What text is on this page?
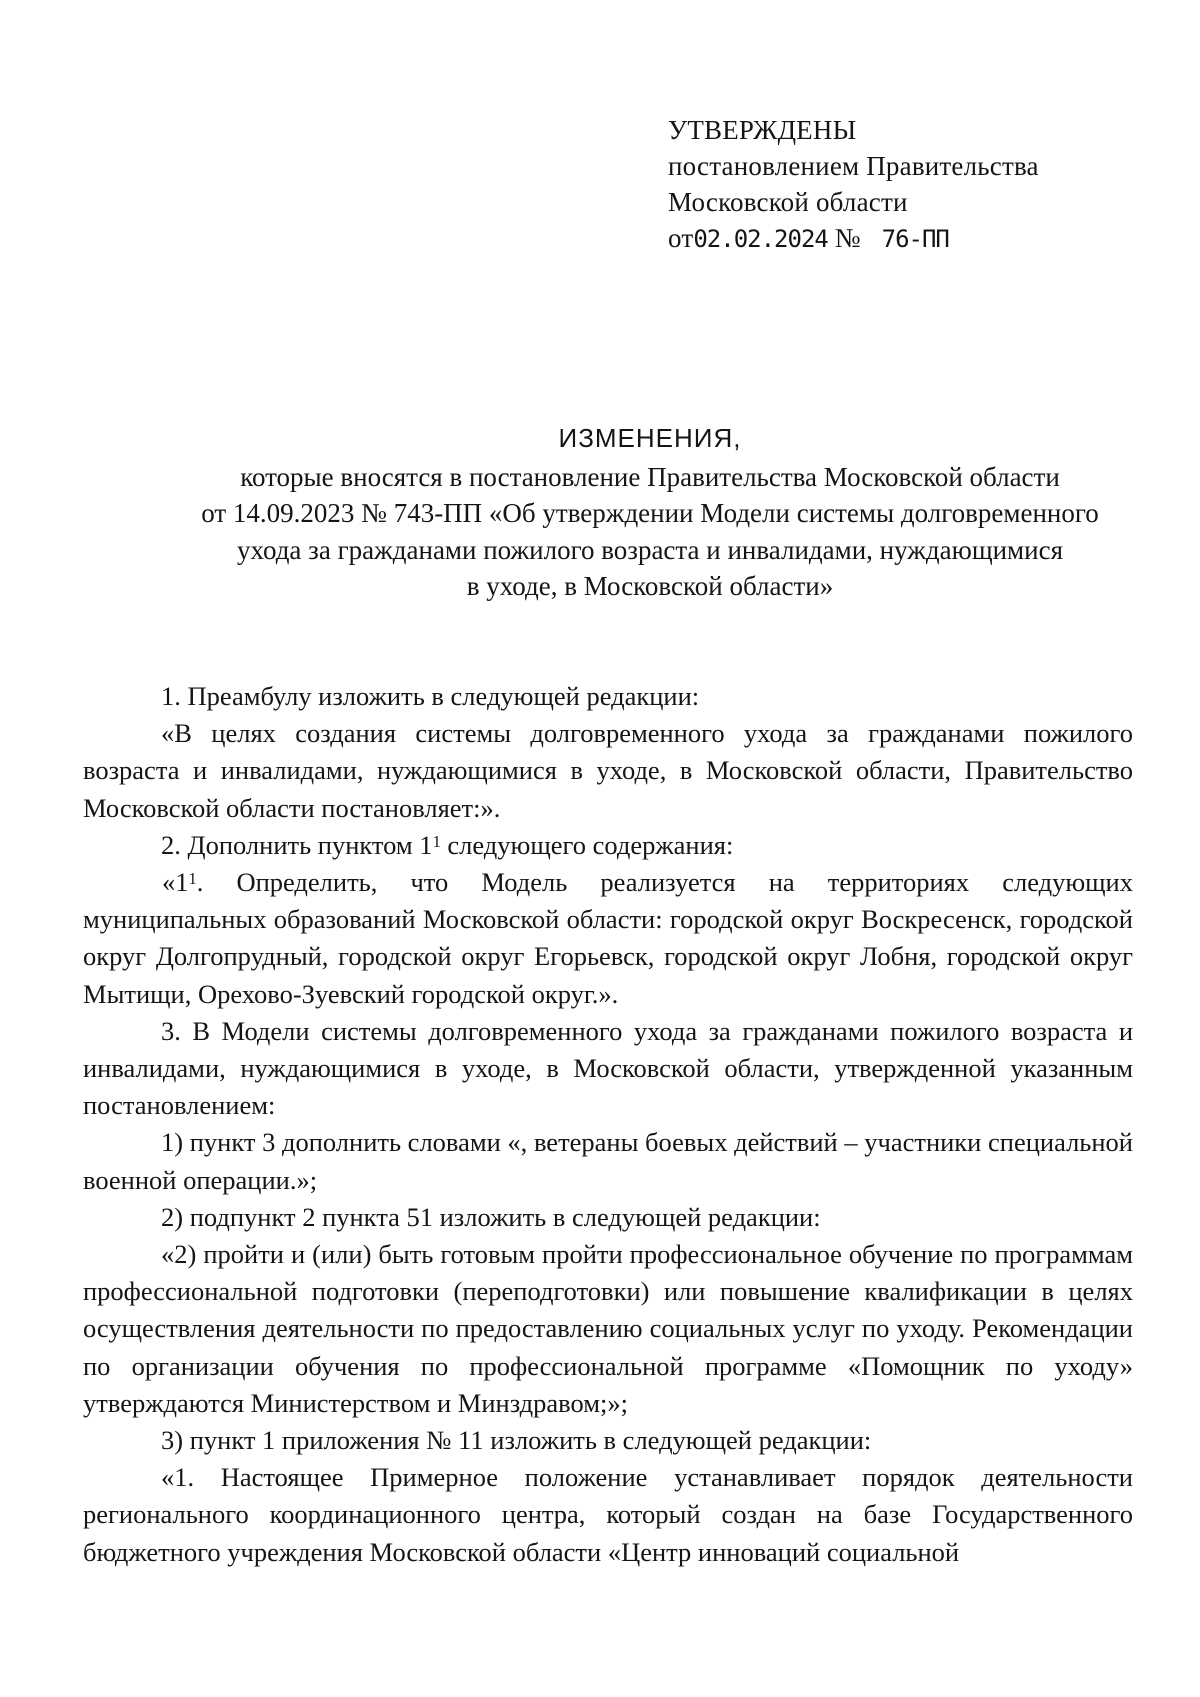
УТВЕРЖДЕНЫ
постановлением Правительства
Московской области
от02.02.2024 № 76-ПП
ИЗМЕНЕНИЯ,
которые вносятся в постановление Правительства Московской области
от 14.09.2023 № 743-ПП «Об утверждении Модели системы долговременного
ухода за гражданами пожилого возраста и инвалидами, нуждающимися
в уходе, в Московской области»

1. Преамбулу изложить в следующей редакции:

«В целях создания системы долговременного ухода за гражданами пожилого возраста и инвалидами, нуждающимися в уходе, в Московской области, Правительство Московской области постановляет:».

2. Дополнить пунктом $1^1$ следующего содержания:

«$1^1$. Определить, что Модель реализуется на территориях следующих муниципальных образований Московской области: городской округ Воскресенск, городской округ Долгопрудный, городской округ Егорьевск, городской округ Лобня, городской округ Мытищи, Орехово-Зуевский городской округ.».

3. В Модели системы долговременного ухода за гражданами пожилого возраста и инвалидами, нуждающимися в уходе, в Московской области, утвержденной указанным постановлением:

1) пункт 3 дополнить словами «, ветераны боевых действий – участники специальной военной операции.»;

2) подпункт 2 пункта 51 изложить в следующей редакции:

«2) пройти и (или) быть готовым пройти профессиональное обучение по программам профессиональной подготовки (переподготовки) или повышение квалификации в целях осуществления деятельности по предоставлению социальных услуг по уходу. Рекомендации по организации обучения по профессиональной программе «Помощник по уходу» утверждаются Министерством и Минздравом;»;

3) пункт 1 приложения № 11 изложить в следующей редакции:

«1. Настоящее Примерное положение устанавливает порядок деятельности регионального координационного центра, который создан на базе Государственного бюджетного учреждения Московской области «Центр инноваций социальной
